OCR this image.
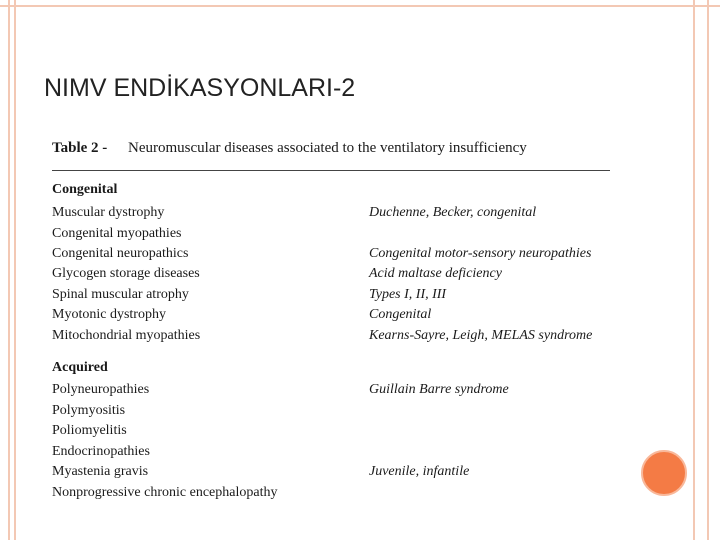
NIMV ENDİKASYONLARI-2
Table 2 - Neuromuscular diseases associated to the ventilatory insufficiency
Congenital
Muscular dystrophy	Duchenne, Becker, congenital
Congenital myopathies
Congenital neuropathics	Congenital motor-sensory neuropathies
Glycogen storage diseases	Acid maltase deficiency
Spinal muscular atrophy	Types I, II, III
Myotonic dystrophy	Congenital
Mitochondrial myopathies	Kearns-Sayre, Leigh, MELAS syndrome
Acquired
Polyneuropathies	Guillain Barre syndrome
Polymyositis
Poliomyelitis
Endocrinopathies
Myastenia gravis	Juvenile, infantile
Nonprogressive chronic encephalopathy
